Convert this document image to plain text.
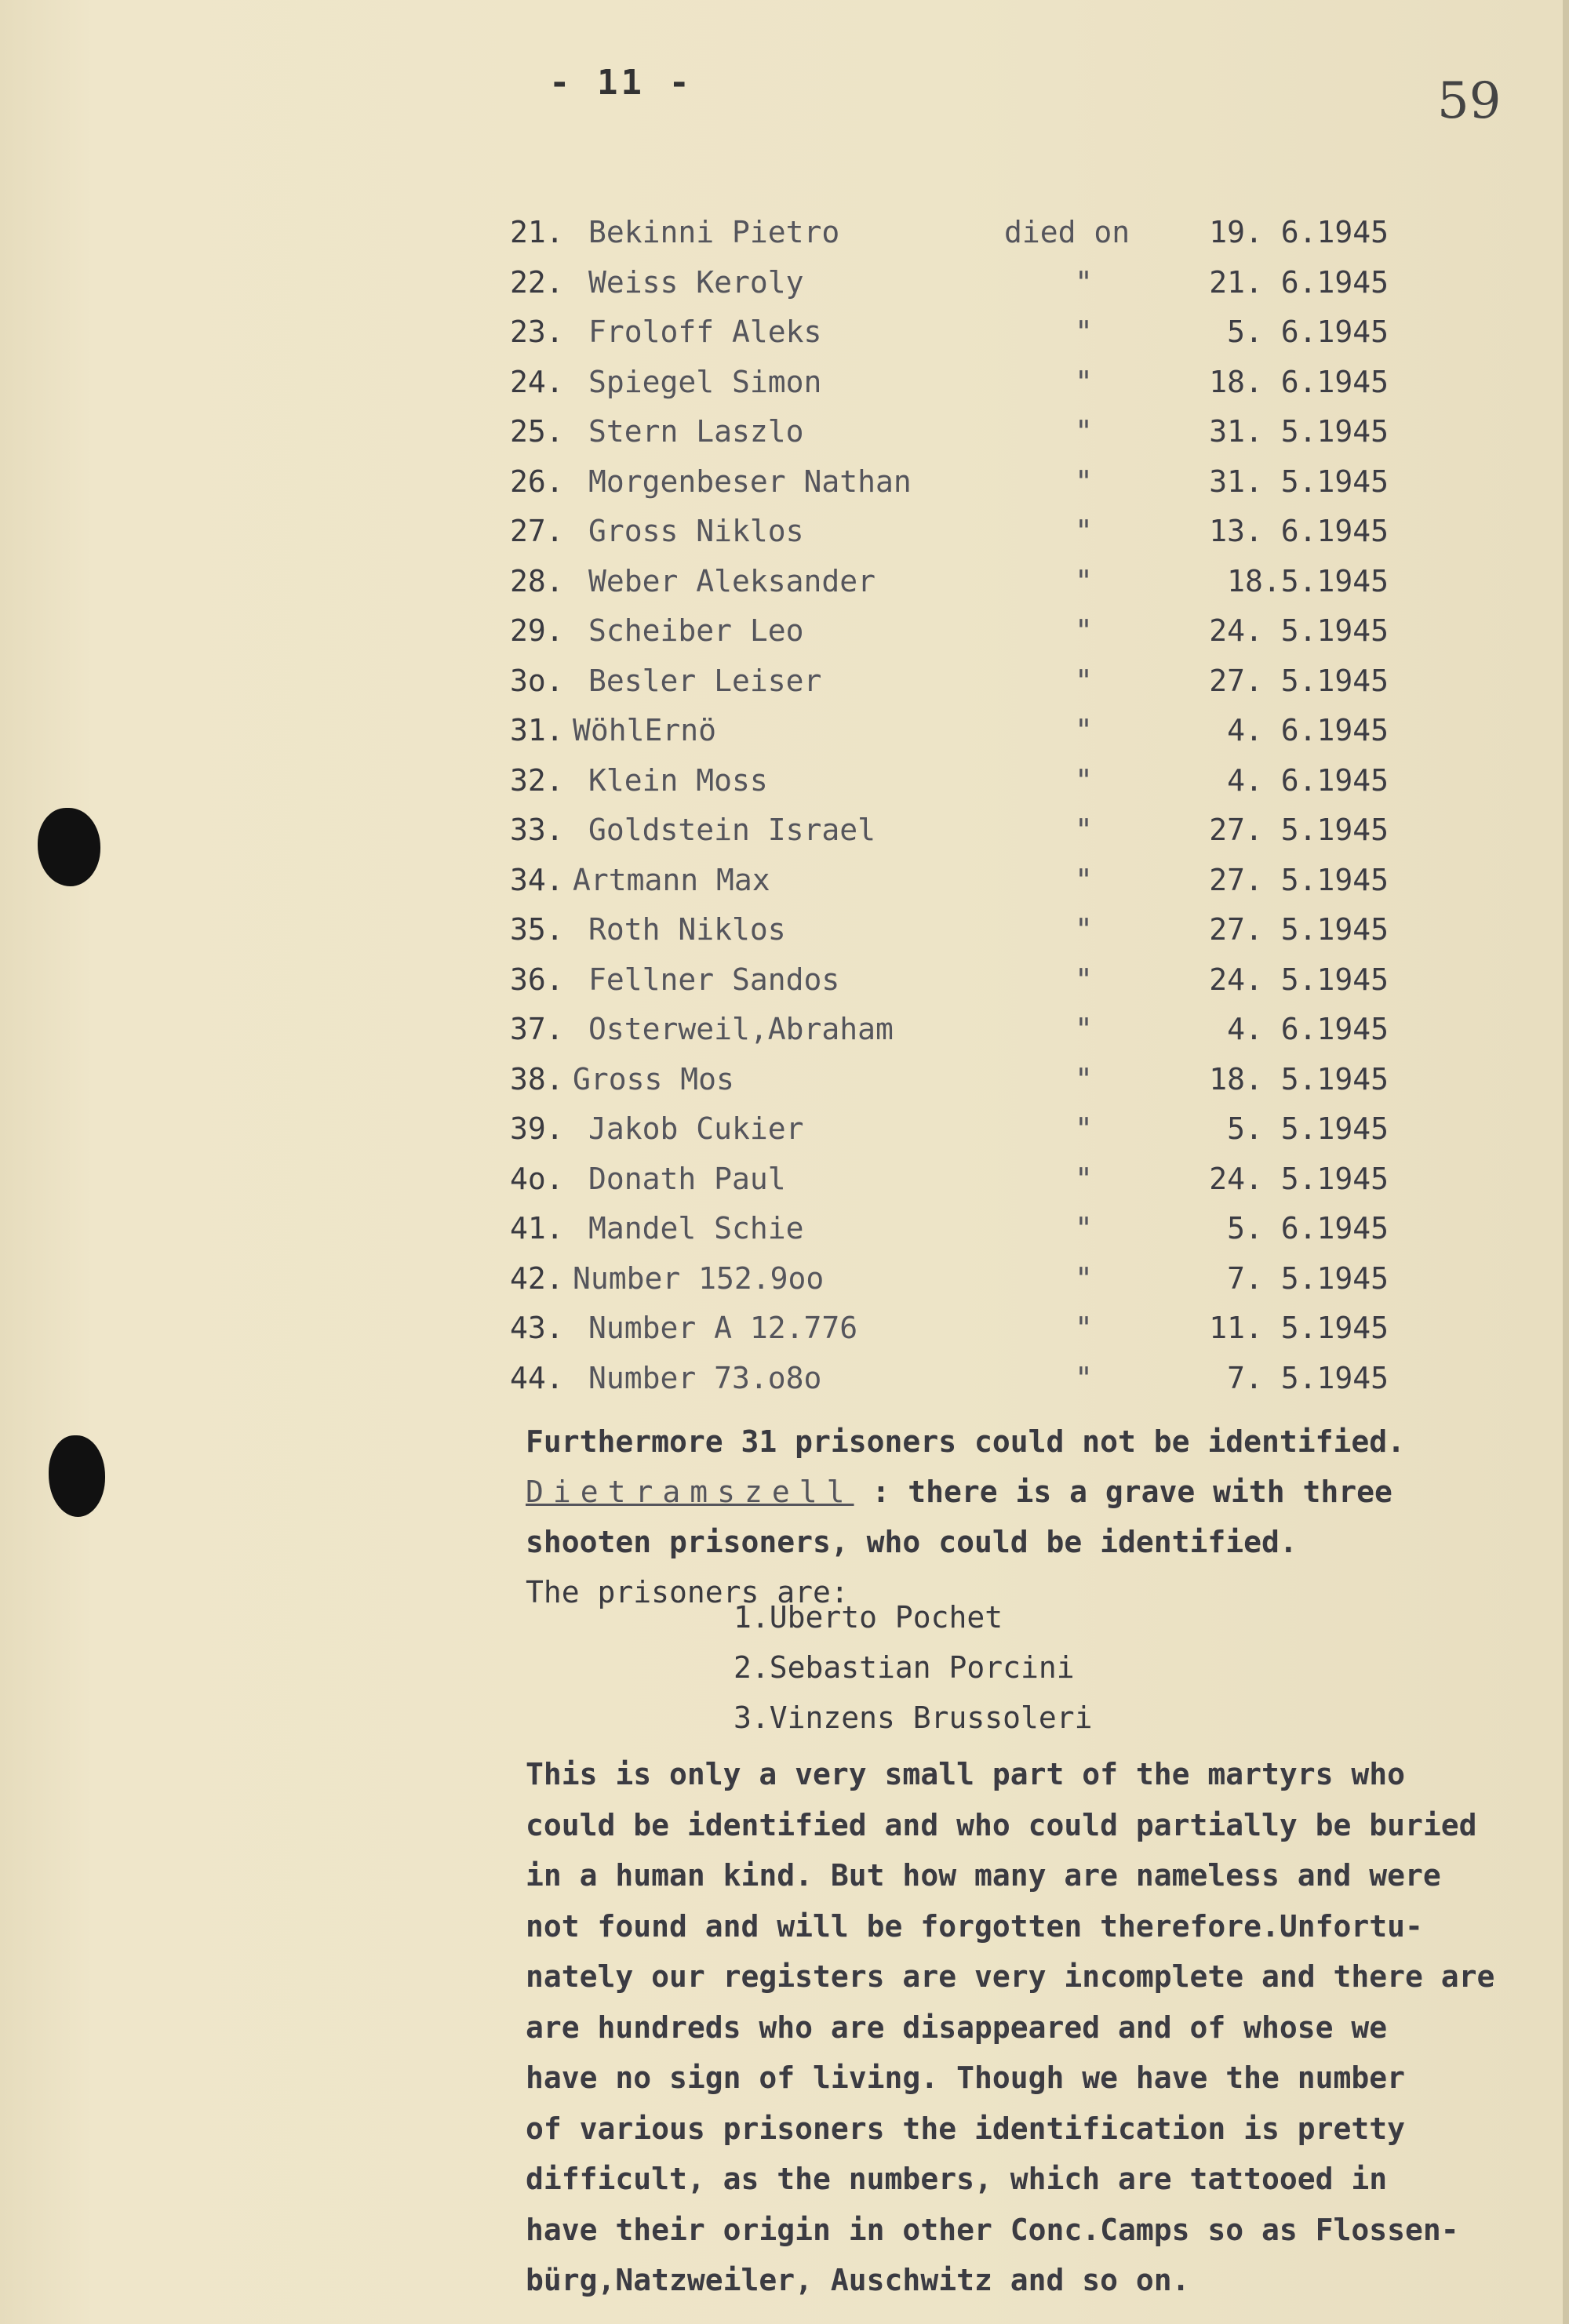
- 11 -	59
21. Bekinni Pietro	died on	19. 6.1945
22. Weiss Keroly	"	21. 6.1945
23. Froloff Aleks	"	5. 6.1945
24. Spiegel Simon	"	18. 6.1945
25. Stern Laszlo	"	31. 5.1945
26. Morgenbeser Nathan	"	31. 5.1945
27. Gross Niklos	"	13. 6.1945
28. Weber Aleksander	"	18.5.1945
29. Scheiber Leo	"	24. 5.1945
3o. Besler Leiser	"	27. 5.1945
31. WöhlErnö	"	4. 6.1945
32. Klein Moss	"	4. 6.1945
33. Goldstein Israel	"	27. 5.1945
34. Artmann Max	"	27. 5.1945
35. Roth Niklos	"	27. 5.1945
36. Fellner Sandos	"	24. 5.1945
37. Osterweil,Abraham	"	4. 6.1945
38. Gross Mos	"	18. 5.1945
39. Jakob Cukier	"	5. 5.1945
4o. Donath Paul	"	24. 5.1945
41. Mandel Schie	"	5. 6.1945
42. Number 152.9oo	"	7. 5.1945
43. Number A 12.776	"	11. 5.1945
44. Number 73.o8o	"	7. 5.1945
Furthermore 31 prisoners could not be identified.
Dietramszell : there is a grave with three
shooten prisoners, who could be identified.
The prisoners are:
1.Uberto Pochet
2.Sebastian Porcini
3.Vinzens Brussoleri
This is only a very small part of the martyrs who
could be identified and who could partially be buried
in a human kind. But how many are nameless and were
not found and will be forgotten therefore.Unfortu-
nately our registers are very incomplete and there are
are hundreds who are disappeared and of whose we
have no sign of living. Though we have the number
of various prisoners the identification is pretty
difficult, as the numbers, which are tattooed in
have their origin in other Conc.Camps so as Flossen-
bürg,Natzweiler, Auschwitz and so on.
